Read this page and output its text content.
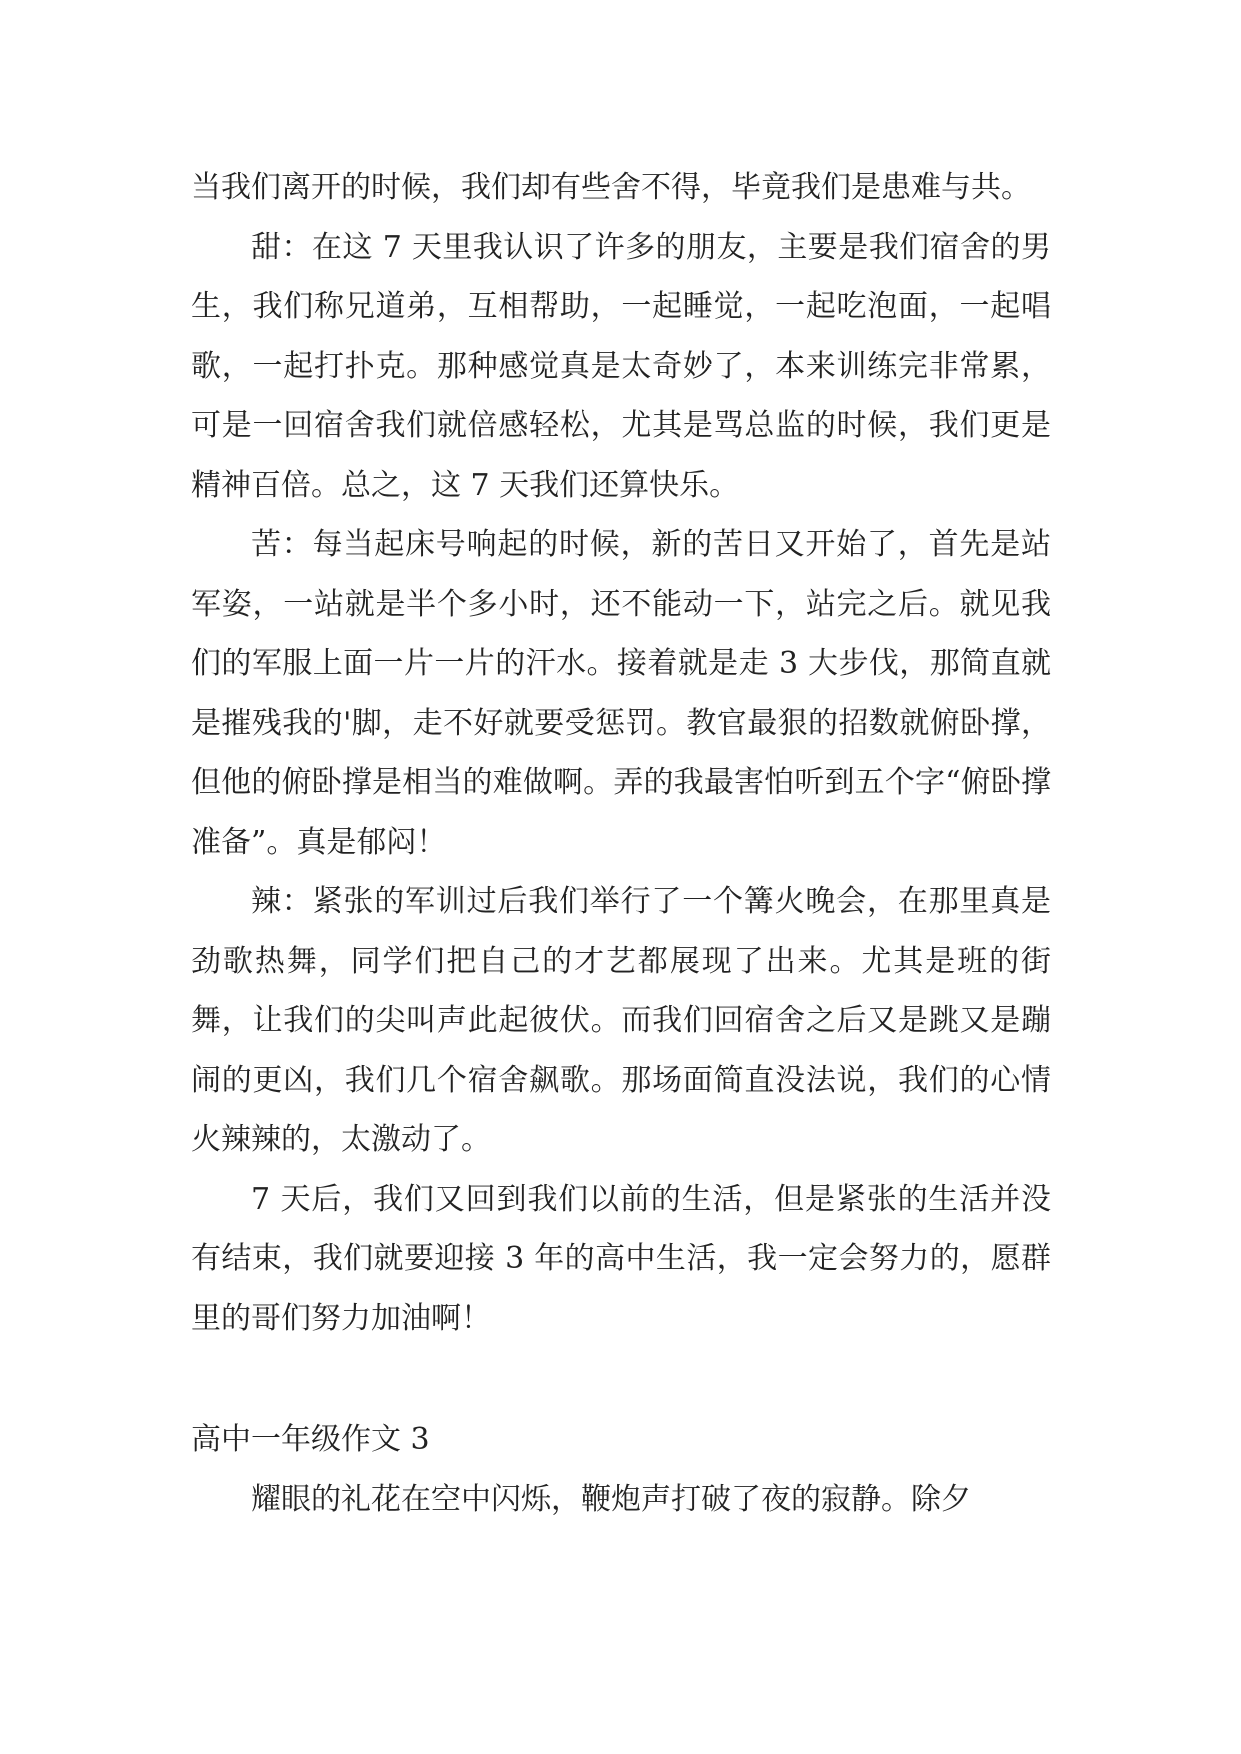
当我们离开的时候，我们却有些舍不得，毕竟我们是患难与共。

甜：在这 7 天里我认识了许多的朋友，主要是我们宿舍的男生，我们称兄道弟，互相帮助，一起睡觉，一起吃泡面，一起唱歌，一起打扑克。那种感觉真是太奇妙了，本来训练完非常累，可是一回宿舍我们就倍感轻松，尤其是骂总监的时候，我们更是精神百倍。总之，这 7 天我们还算快乐。

苦：每当起床号响起的时候，新的苦日又开始了，首先是站军姿，一站就是半个多小时，还不能动一下，站完之后。就见我们的军服上面一片一片的汗水。接着就是走 3 大步伐，那简直就是摧残我的'脚，走不好就要受惩罚。教官最狠的招数就俯卧撑，但他的俯卧撑是相当的难做啊。弄的我最害怕听到五个字“俯卧撑准备”。真是郁闷！

辣：紧张的军训过后我们举行了一个篝火晚会，在那里真是劲歌热舞，同学们把自己的才艺都展现了出来。尤其是班的街舞，让我们的尖叫声此起彼伏。而我们回宿舍之后又是跳又是蹦闹的更凶，我们几个宿舍飙歌。那场面简直没法说，我们的心情火辣辣的，太激动了。

7 天后，我们又回到我们以前的生活，但是紧张的生活并没有结束，我们就要迎接 3 年的高中生活，我一定会努力的，愿群里的哥们努力加油啊！

高中一年级作文 3

耀眼的礼花在空中闪烁，鞭炮声打破了夜的寂静。除夕
